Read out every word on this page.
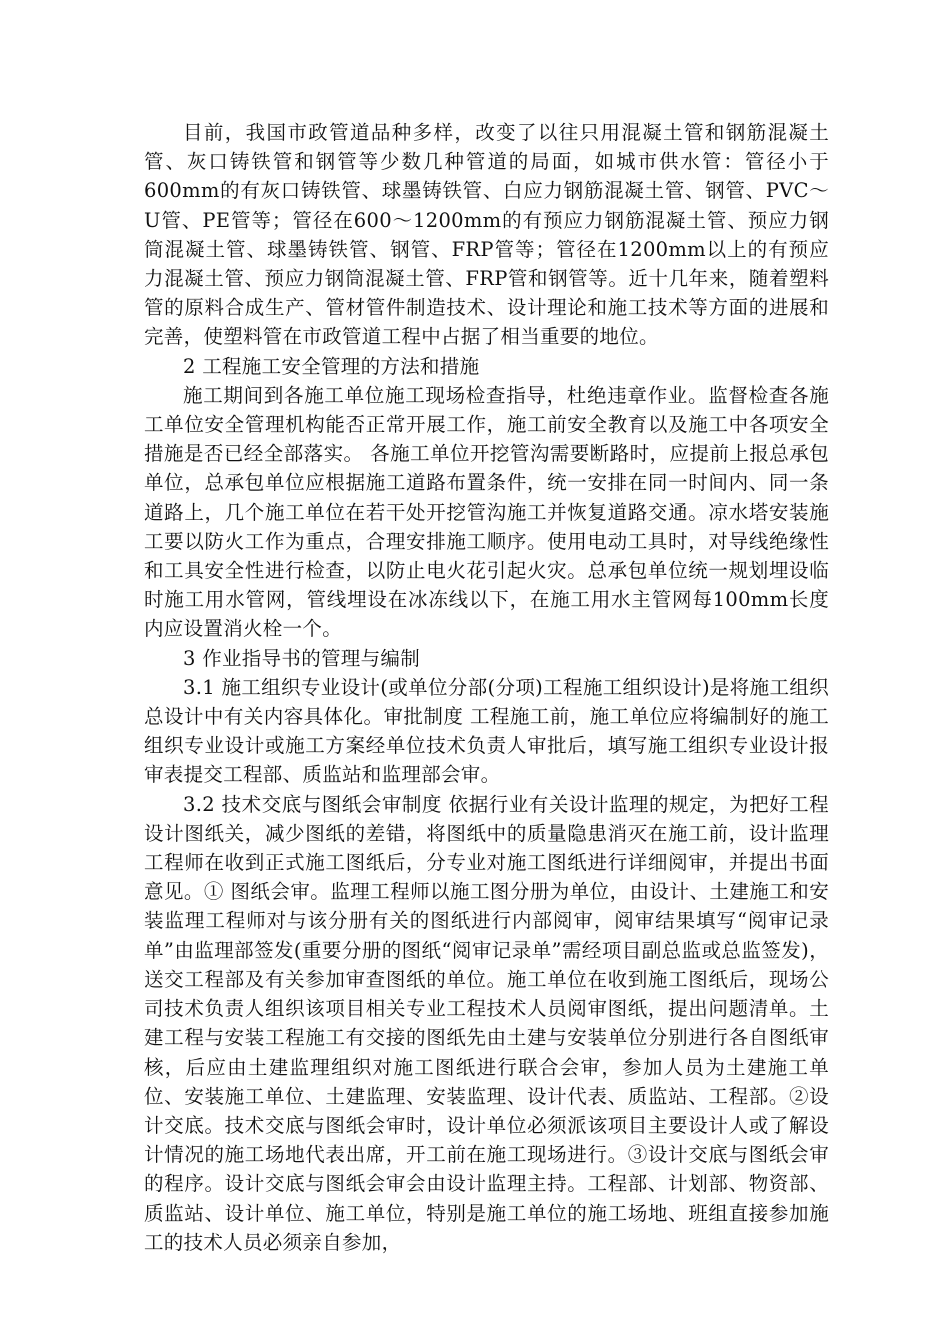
目前，我国市政管道品种多样，改变了以往只用混凝土管和钢筋混凝土管、灰口铸铁管和钢管等少数几种管道的局面，如城市供水管：管径小于600mm的有灰口铸铁管、球墨铸铁管、白应力钢筋混凝土管、钢管、PVC～U管、PE管等；管径在600～1200mm的有预应力钢筋混凝土管、预应力钢筒混凝土管、球墨铸铁管、钢管、FRP管等；管径在1200mm以上的有预应力混凝土管、预应力钢筒混凝土管、FRP管和钢管等。近十几年来，随着塑料管的原料合成生产、管材管件制造技术、设计理论和施工技术等方面的进展和完善，使塑料管在市政管道工程中占据了相当重要的地位。

2 工程施工安全管理的方法和措施

施工期间到各施工单位施工现场检查指导，杜绝违章作业。监督检查各施工单位安全管理机构能否正常开展工作，施工前安全教育以及施工中各项安全措施是否已经全部落实。 各施工单位开挖管沟需要断路时，应提前上报总承包单位，总承包单位应根据施工道路布置条件，统一安排在同一时间内、同一条道路上，几个施工单位在若干处开挖管沟施工并恢复道路交通。凉水塔安装施工要以防火工作为重点，合理安排施工顺序。使用电动工具时，对导线绝缘性和工具安全性进行检查，以防止电火花引起火灾。总承包单位统一规划埋设临时施工用水管网，管线埋设在冰冻线以下，在施工用水主管网每100mm长度内应设置消火栓一个。

3 作业指导书的管理与编制

3.1 施工组织专业设计(或单位分部(分项)工程施工组织设计)是将施工组织总设计中有关内容具体化。审批制度 工程施工前，施工单位应将编制好的施工组织专业设计或施工方案经单位技术负责人审批后，填写施工组织专业设计报审表提交工程部、质监站和监理部会审。

3.2 技术交底与图纸会审制度 依据行业有关设计监理的规定，为把好工程设计图纸关，减少图纸的差错，将图纸中的质量隐患消灭在施工前，设计监理工程师在收到正式施工图纸后，分专业对施工图纸进行详细阅审，并提出书面意见。① 图纸会审。监理工程师以施工图分册为单位，由设计、土建施工和安装监理工程师对与该分册有关的图纸进行内部阅审，阅审结果填写“阅审记录单”由监理部签发(重要分册的图纸“阅审记录单”需经项目副总监或总监签发)，送交工程部及有关参加审查图纸的单位。施工单位在收到施工图纸后，现场公司技术负责人组织该项目相关专业工程技术人员阅审图纸，提出问题清单。土建工程与安装工程施工有交接的图纸先由土建与安装单位分别进行各自图纸审核，后应由土建监理组织对施工图纸进行联合会审，参加人员为土建施工单位、安装施工单位、土建监理、安装监理、设计代表、质监站、工程部。②设计交底。技术交底与图纸会审时，设计单位必须派该项目主要设计人或了解设计情况的施工场地代表出席，开工前在施工现场进行。③设计交底与图纸会审的程序。设计交底与图纸会审会由设计监理主持。工程部、计划部、物资部、质监站、设计单位、施工单位，特别是施工单位的施工场地、班组直接参加施工的技术人员必须亲自参加，
